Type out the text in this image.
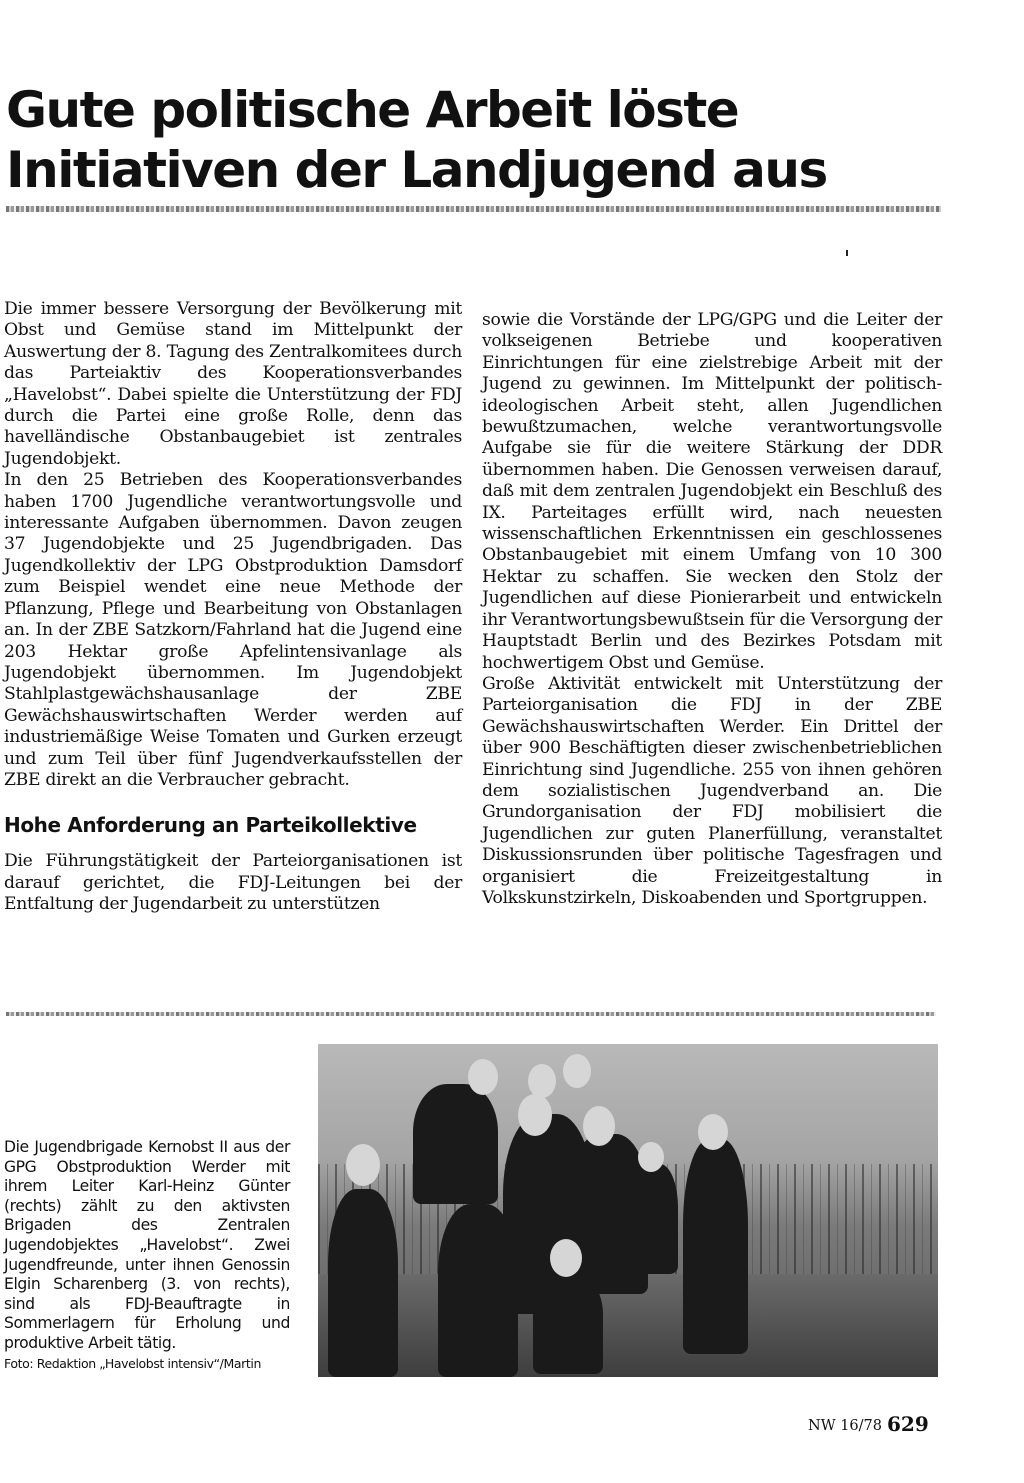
Gute politische Arbeit löste
Initiativen der Landjugend aus

Die immer bessere Versorgung der Bevölkerung mit Obst und Gemüse stand im Mittelpunkt der Auswertung der 8. Tagung des Zentralkomitees durch das Parteiaktiv des Kooperationsverbandes „Havelobst“. Dabei spielte die Unterstützung der FDJ durch die Partei eine große Rolle, denn das havelländische Obstanbaugebiet ist zentrales Jugendobjekt.

In den 25 Betrieben des Kooperationsverbandes haben 1700 Jugendliche verantwortungsvolle und interessante Aufgaben übernommen. Davon zeugen 37 Jugendobjekte und 25 Jugendbrigaden. Das Jugendkollektiv der LPG Obstproduktion Damsdorf zum Beispiel wendet eine neue Methode der Pflanzung, Pflege und Bearbeitung von Obstanlagen an. In der ZBE Satzkorn/Fahrland hat die Jugend eine 203 Hektar große Apfelintensivanlage als Jugendobjekt übernommen. Im Jugendobjekt Stahlplastgewächshausanlage der ZBE Gewächshauswirtschaften Werder werden auf industriemäßige Weise Tomaten und Gurken erzeugt und zum Teil über fünf Jugendverkaufsstellen der ZBE direkt an die Verbraucher gebracht.

Hohe Anforderung an Parteikollektive

Die Führungstätigkeit der Parteiorganisationen ist darauf gerichtet, die FDJ-Leitungen bei der Entfaltung der Jugendarbeit zu unterstützen

sowie die Vorstände der LPG/GPG und die Leiter der volkseigenen Betriebe und kooperativen Einrichtungen für eine zielstrebige Arbeit mit der Jugend zu gewinnen. Im Mittelpunkt der politisch-ideologischen Arbeit steht, allen Jugendlichen bewußtzumachen, welche verantwortungsvolle Aufgabe sie für die weitere Stärkung der DDR übernommen haben. Die Genossen verweisen darauf, daß mit dem zentralen Jugendobjekt ein Beschluß des IX. Parteitages erfüllt wird, nach neuesten wissenschaftlichen Erkenntnissen ein geschlossenes Obstanbaugebiet mit einem Umfang von 10 300 Hektar zu schaffen. Sie wecken den Stolz der Jugendlichen auf diese Pionierarbeit und entwickeln ihr Verantwortungsbewußtsein für die Versorgung der Hauptstadt Berlin und des Bezirkes Potsdam mit hochwertigem Obst und Gemüse.

Große Aktivität entwickelt mit Unterstützung der Parteiorganisation die FDJ in der ZBE Gewächshauswirtschaften Werder. Ein Drittel der über 900 Beschäftigten dieser zwischenbetrieblichen Einrichtung sind Jugendliche. 255 von ihnen gehören dem sozialistischen Jugendverband an. Die Grundorganisation der FDJ mobilisiert die Jugendlichen zur guten Planerfüllung, veranstaltet Diskussionsrunden über politische Tagesfragen und organisiert die Freizeitgestaltung in Volkskunstzirkeln, Diskoabenden und Sportgruppen.

Die Jugendbrigade Kernobst II aus der GPG Obstproduktion Werder mit ihrem Leiter Karl-Heinz Günter (rechts) zählt zu den aktivsten Brigaden des Zentralen Jugendobjektes „Havelobst“. Zwei Jugendfreunde, unter ihnen Genossin Elgin Scharenberg (3. von rechts), sind als FDJ-Beauftragte in Sommerlagern für Erholung und produktive Arbeit tätig.

Foto: Redaktion „Havelobst intensiv“/Martin

NW 16/78 629
